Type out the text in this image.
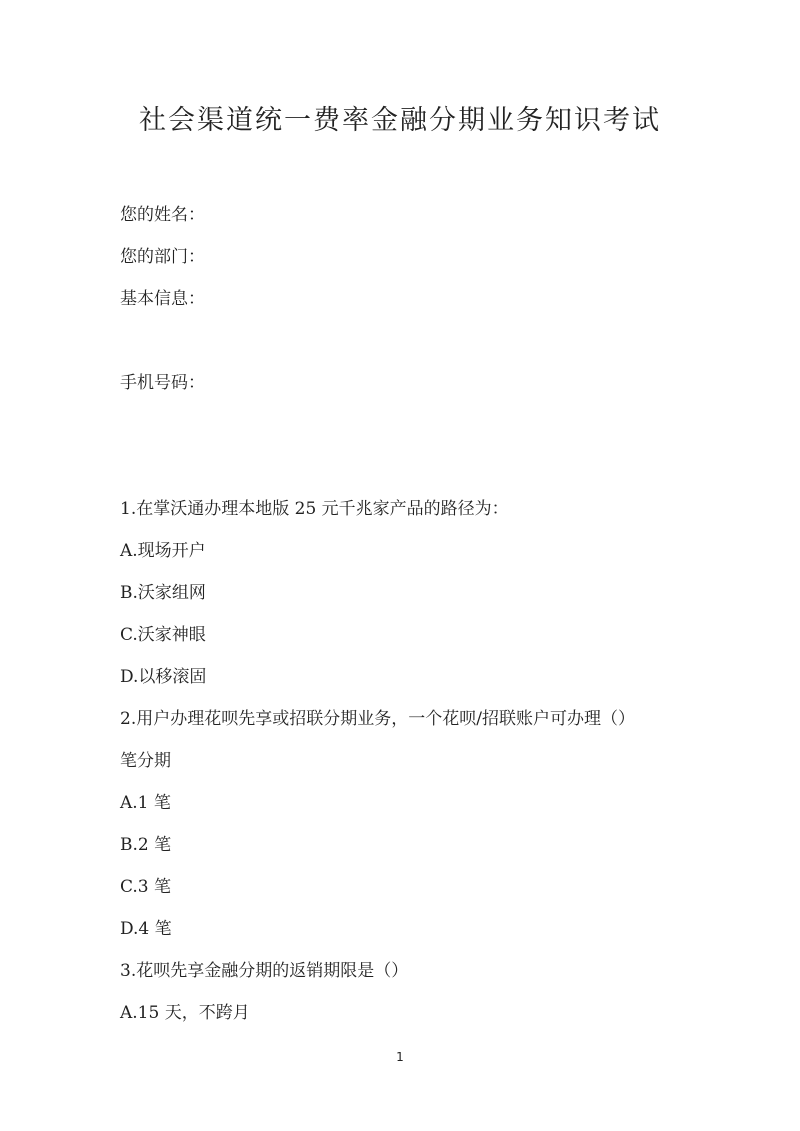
社会渠道统一费率金融分期业务知识考试

您的姓名：

您的部门：

基本信息：

手机号码：

1.在掌沃通办理本地版 25 元千兆家产品的路径为：

A.现场开户

B.沃家组网

C.沃家神眼

D.以移滚固

2.用户办理花呗先享或招联分期业务，一个花呗/招联账户可办理（）

笔分期

A.1 笔

B.2 笔

C.3 笔

D.4 笔

3.花呗先享金融分期的返销期限是（）

A.15 天，不跨月

1
